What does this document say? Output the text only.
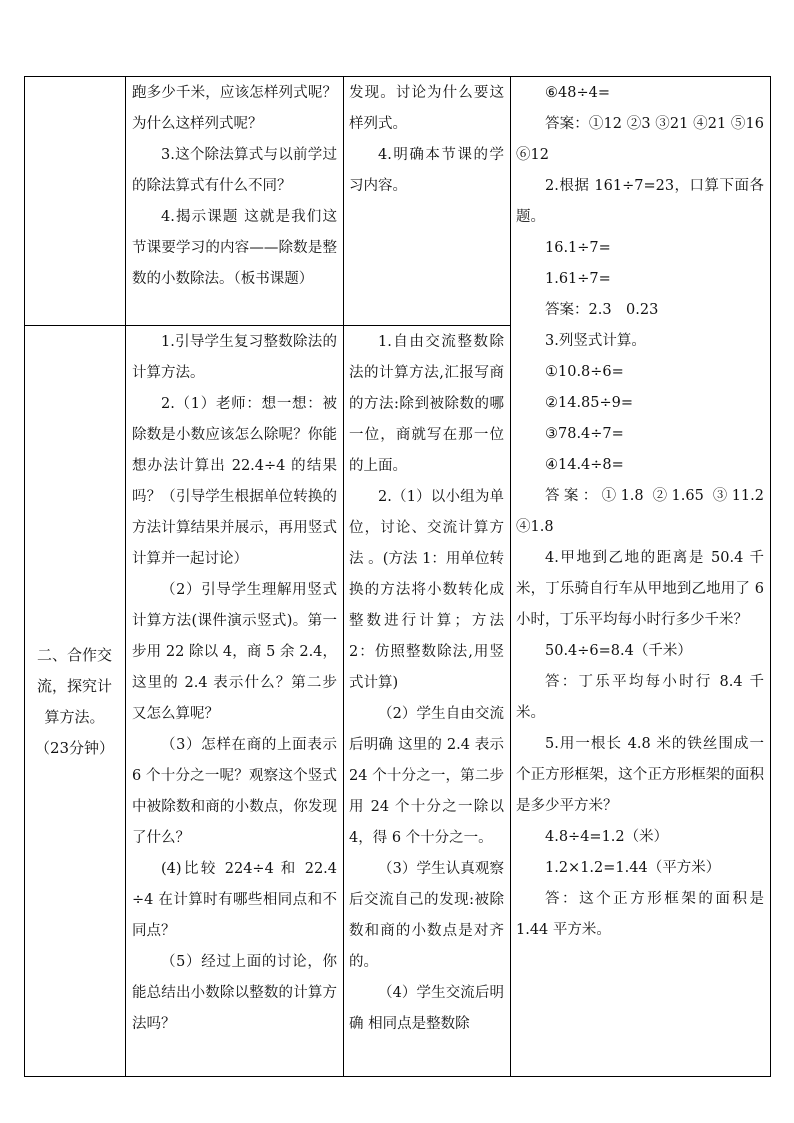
跑多少千米，应该怎样列式呢？为什么这样列式呢？

3.这个除法算式与以前学过的除法算式有什么不同？

4.揭示课题 这就是我们这节课要学习的内容——除数是整数的小数除法。（板书课题）

发现。讨论为什么要这样列式。

4.明确本节课的学习内容。

二、合作交
流，探究计
算方法。
（23分钟）

1.引导学生复习整数除法的计算方法。

2.（1）老师：想一想：被除数是小数应该怎么除呢？你能想办法计算出 22.4÷4 的结果吗？（引导学生根据单位转换的方法计算结果并展示，再用竖式计算并一起讨论）

（2）引导学生理解用竖式计算方法(课件演示竖式)。第一步用 22 除以 4，商 5 余 2.4，这里的 2.4 表示什么？第二步又怎么算呢？

（3）怎样在商的上面表示 6 个十分之一呢？观察这个竖式中被除数和商的小数点，你发现了什么？

(4)比较 224÷4 和 22.4 ÷4 在计算时有哪些相同点和不同点？

（5）经过上面的讨论，你能总结出小数除以整数的计算方法吗？

1.自由交流整数除法的计算方法,汇报写商的方法:除到被除数的哪一位，商就写在那一位的上面。

2.（1）以小组为单位，讨论、交流计算方法 。(方法 1：用单位转换的方法将小数转化成整数进行计算；方法 2：仿照整数除法,用竖式计算)

（2）学生自由交流后明确 这里的 2.4 表示 24 个十分之一，第二步用 24 个十分之一除以 4，得 6 个十分之一。

（3）学生认真观察后交流自己的发现:被除数和商的小数点是对齐的。

（4）学生交流后明确 相同点是整数除

⑥48÷4=

答案：①12 ②3 ③21 ④21 ⑤16 ⑥12

2.根据 161÷7=23，口算下面各题。

16.1÷7=

1.61÷7=

答案：2.3　0.23

3.列竖式计算。

①10.8÷6=

②14.85÷9=

③78.4÷7=

④14.4÷8=

答案：①1.8 ②1.65 ③11.2 ④1.8

4.甲地到乙地的距离是 50.4 千米，丁乐骑自行车从甲地到乙地用了 6 小时，丁乐平均每小时行多少千米？

50.4÷6=8.4（千米）

答：丁乐平均每小时行 8.4 千米。

5.用一根长 4.8 米的铁丝围成一个正方形框架，这个正方形框架的面积是多少平方米？

4.8÷4=1.2（米）

1.2×1.2=1.44（平方米）

答：这个正方形框架的面积是 1.44 平方米。
